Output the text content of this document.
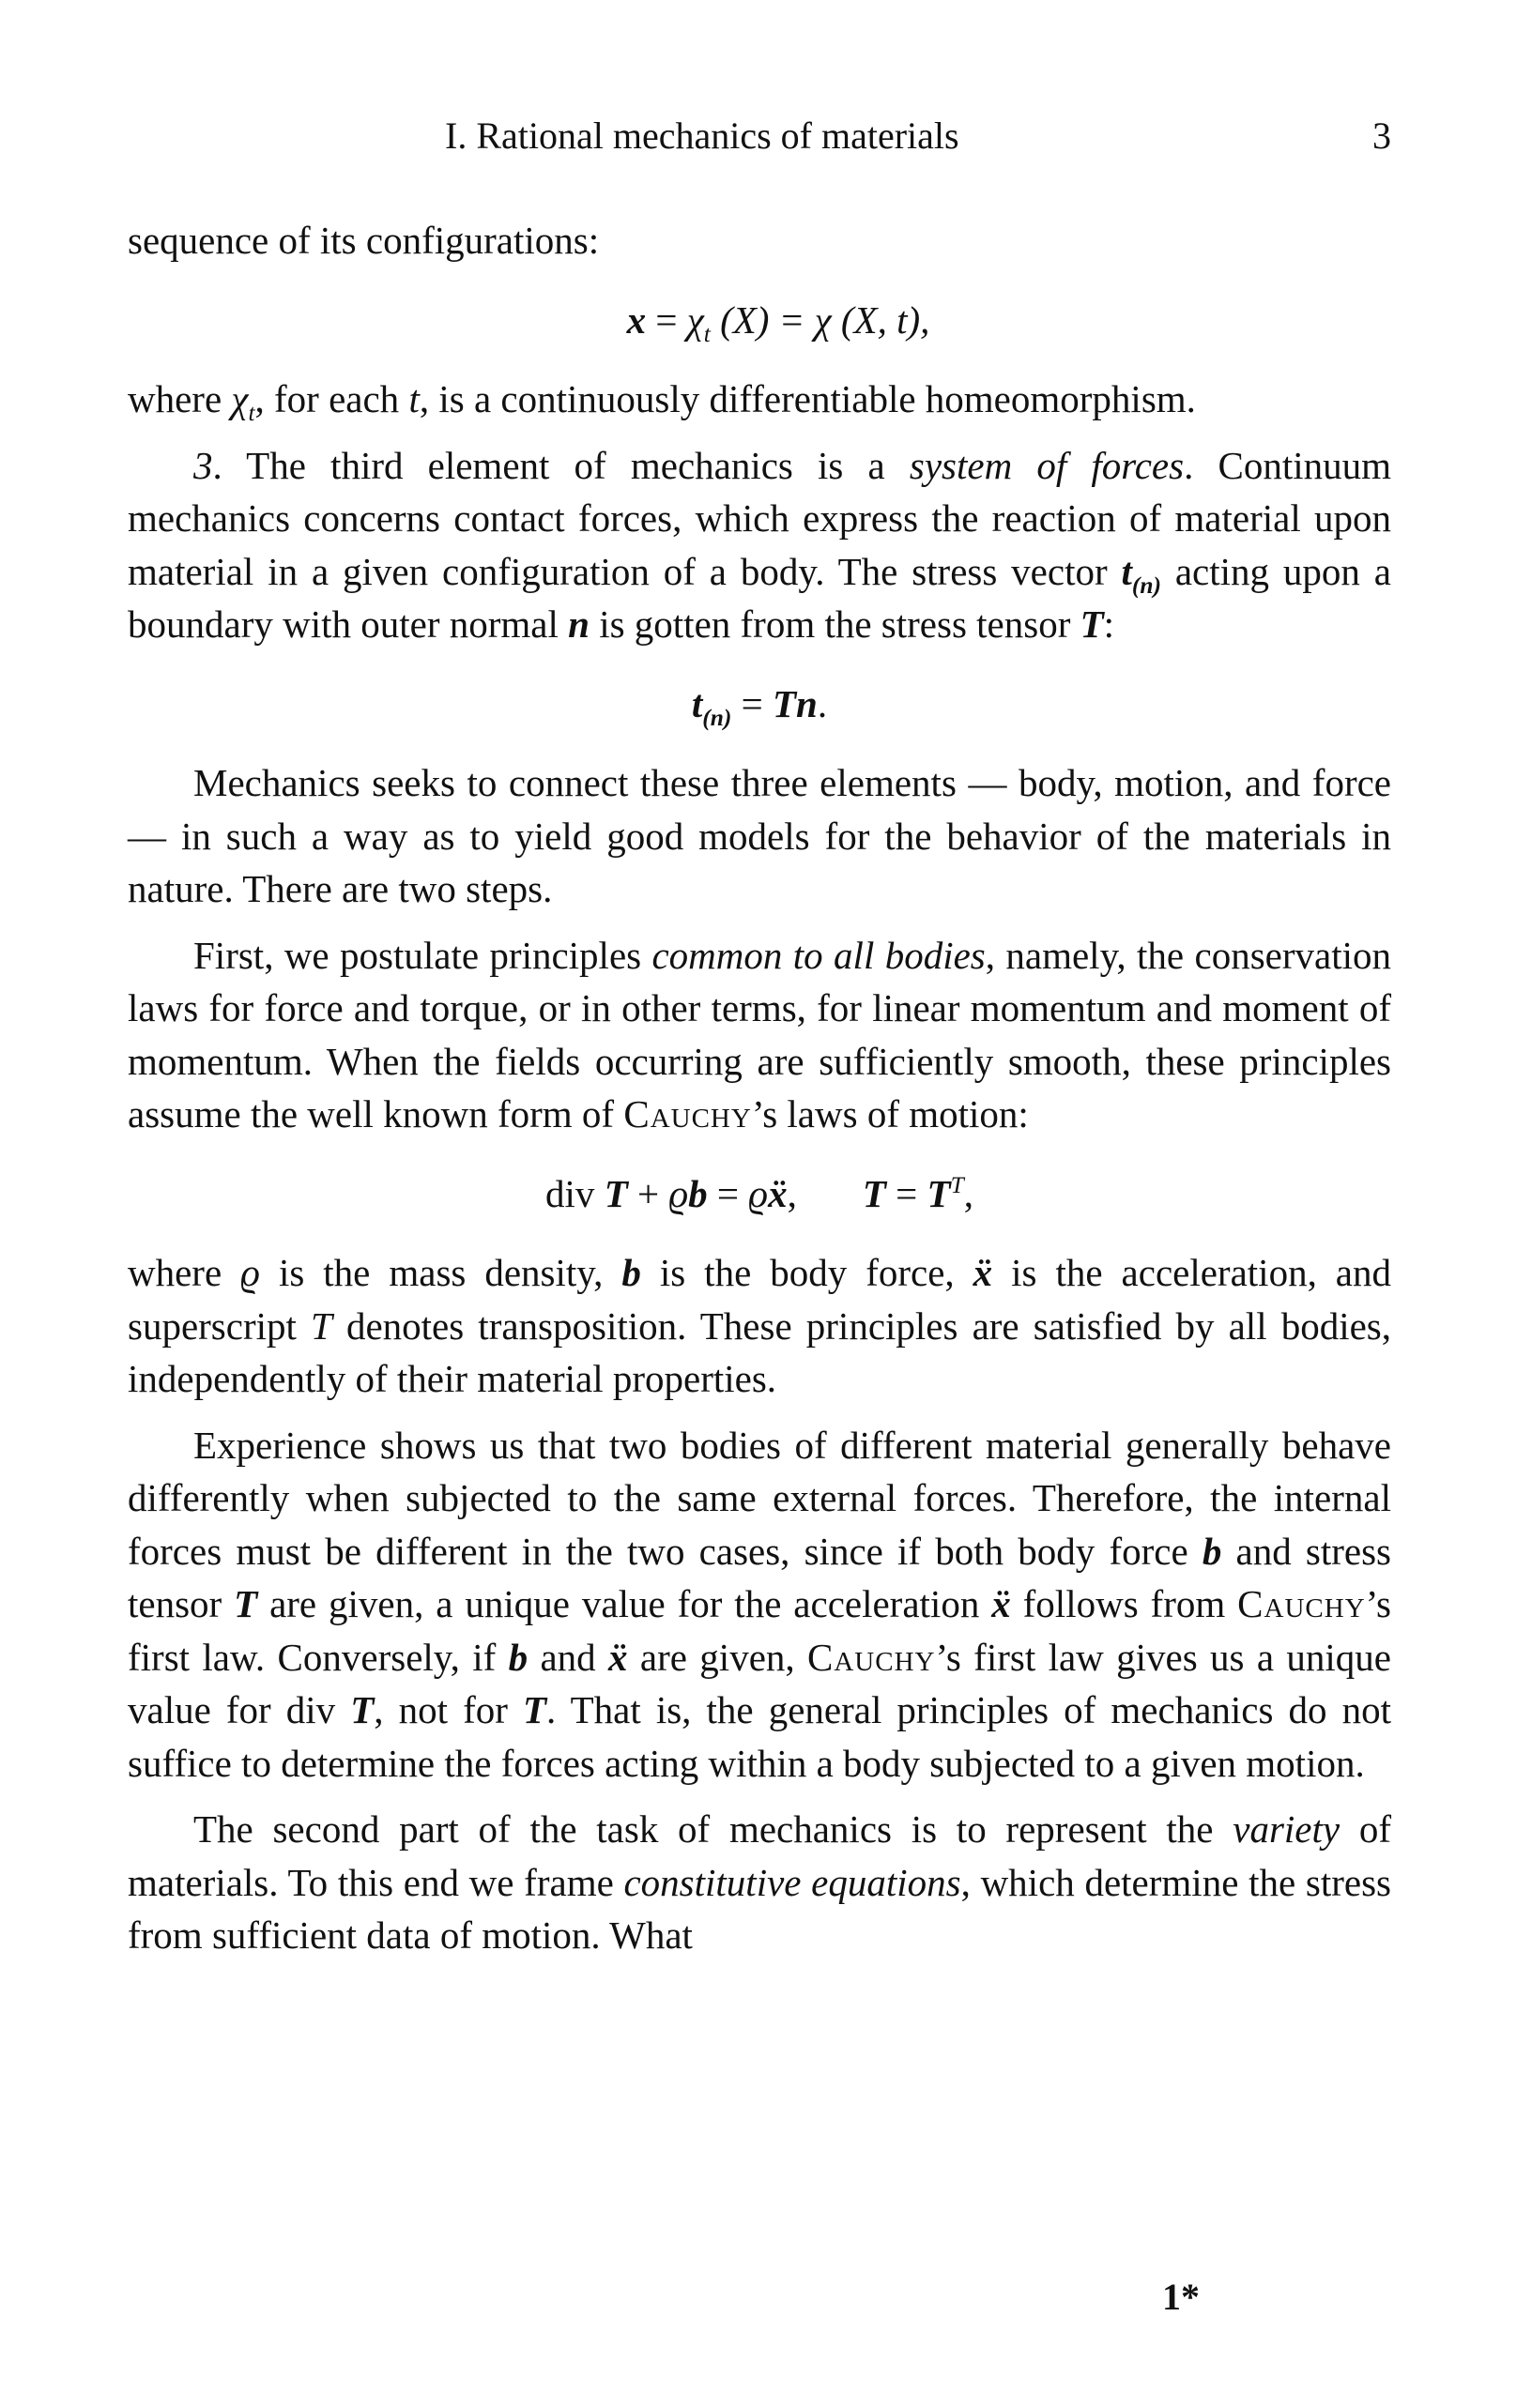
I. Rational mechanics of materials	3

sequence of its configurations:

$x = \chi_t$ (X) = χ (X, t),

where $\chi_t$, for each t, is a continuously differentiable homeomorphism.

3. The third element of mechanics is a system of forces. Continuum mechanics concerns contact forces, which express the reaction of material upon material in a given configuration of a body. The stress vector $t_{(n)}$ acting upon a boundary with outer normal n is gotten from the stress tensor T:

$t_{(n)} = Tn$.

Mechanics seeks to connect these three elements — body, motion, and force — in such a way as to yield good models for the behavior of the materials in nature. There are two steps.

First, we postulate principles common to all bodies, namely, the conservation laws for force and torque, or in other terms, for linear momentum and moment of momentum. When the fields occurring are sufficiently smooth, these principles assume the well known form of Cauchy’s laws of motion:

div T + ϱb = ϱẍ, $T = T^T$,

where ϱ is the mass density, b is the body force, ẍ is the acceleration, and superscript T denotes transposition. These principles are satisfied by all bodies, independently of their material properties.

Experience shows us that two bodies of different material generally behave differently when subjected to the same external forces. Therefore, the internal forces must be different in the two cases, since if both body force b and stress tensor T are given, a unique value for the acceleration ẍ follows from Cauchy’s first law. Conversely, if b and ẍ are given, Cauchy’s first law gives us a unique value for div T, not for T. That is, the general principles of mechanics do not suffice to determine the forces acting within a body subjected to a given motion.

The second part of the task of mechanics is to represent the variety of materials. To this end we frame constitutive equations, which determine the stress from sufficient data of motion. What

1*
